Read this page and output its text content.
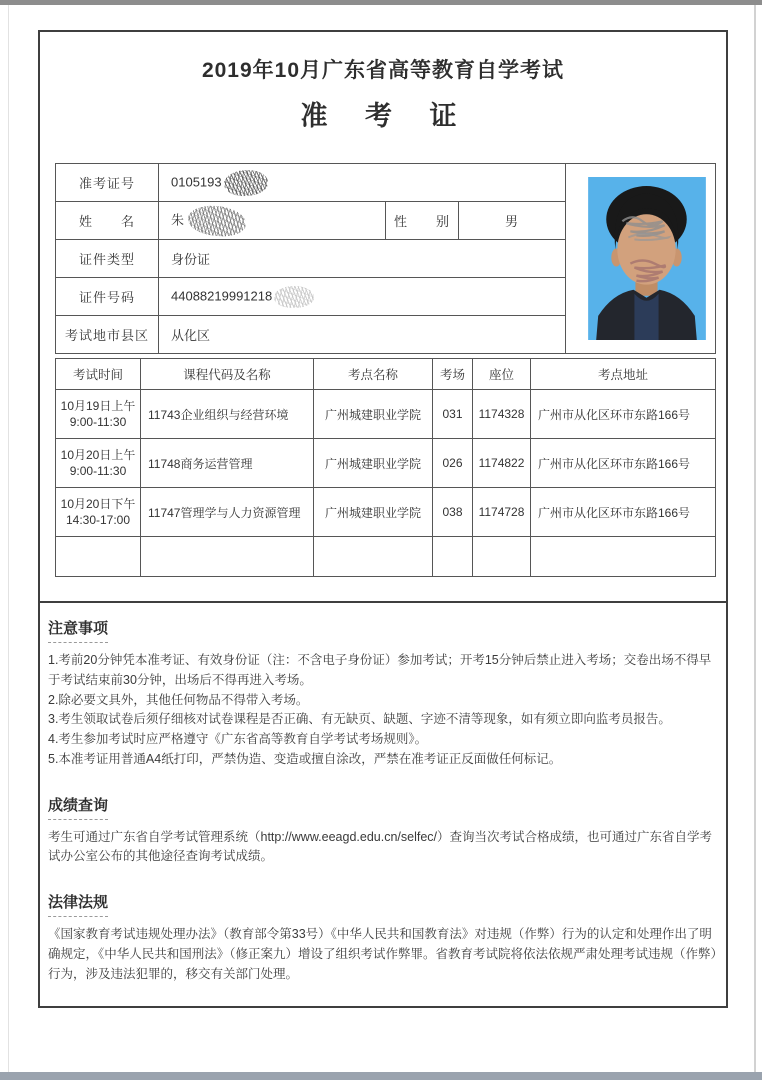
2019年10月广东省高等教育自学考试
准 考 证
准考证号	0105193	
姓　　名	朱	性　　别	男	
证件类型	身份证			
证件号码	44088219991218			
考试地市县区	从化区			
考试时间	课程代码及名称	考点名称	考场	座位	考点地址

10月19日上午
9:00-11:30	11743企业组织与经营环境	广州城建职业学院	031	1174328	广州市从化区环市东路166号

10月20日上午
9:00-11:30	11748商务运营管理	广州城建职业学院	026	1174822	广州市从化区环市东路166号

10月20日下午
14:30-17:00	11747管理学与人力资源管理	广州城建职业学院	038	1174728	广州市从化区环市东路166号

注意事项
1.考前20分钟凭本准考证、有效身份证（注：不含电子身份证）参加考试；开考15分钟后禁止进入考场；交卷出场不得早于考试结束前30分钟，出场后不得再进入考场。
2.除必要文具外，其他任何物品不得带入考场。
3.考生领取试卷后须仔细核对试卷课程是否正确、有无缺页、缺题、字迹不清等现象，如有须立即向监考员报告。
4.考生参加考试时应严格遵守《广东省高等教育自学考试考场规则》。
5.本准考证用普通A4纸打印，严禁伪造、变造或擅自涂改，严禁在准考证正反面做任何标记。
成绩查询

考生可通过广东省自学考试管理系统（http://www.eeagd.edu.cn/selfec/）查询当次考试合格成绩，也可通过广东省自学考试办公室公布的其他途径查询考试成绩。

法律法规

《国家教育考试违规处理办法》（教育部令第33号）《中华人民共和国教育法》对违规（作弊）行为的认定和处理作出了明确规定，《中华人民共和国刑法》（修正案九）增设了组织考试作弊罪。省教育考试院将依法依规严肃处理考试违规（作弊）行为，涉及违法犯罪的，移交有关部门处理。
